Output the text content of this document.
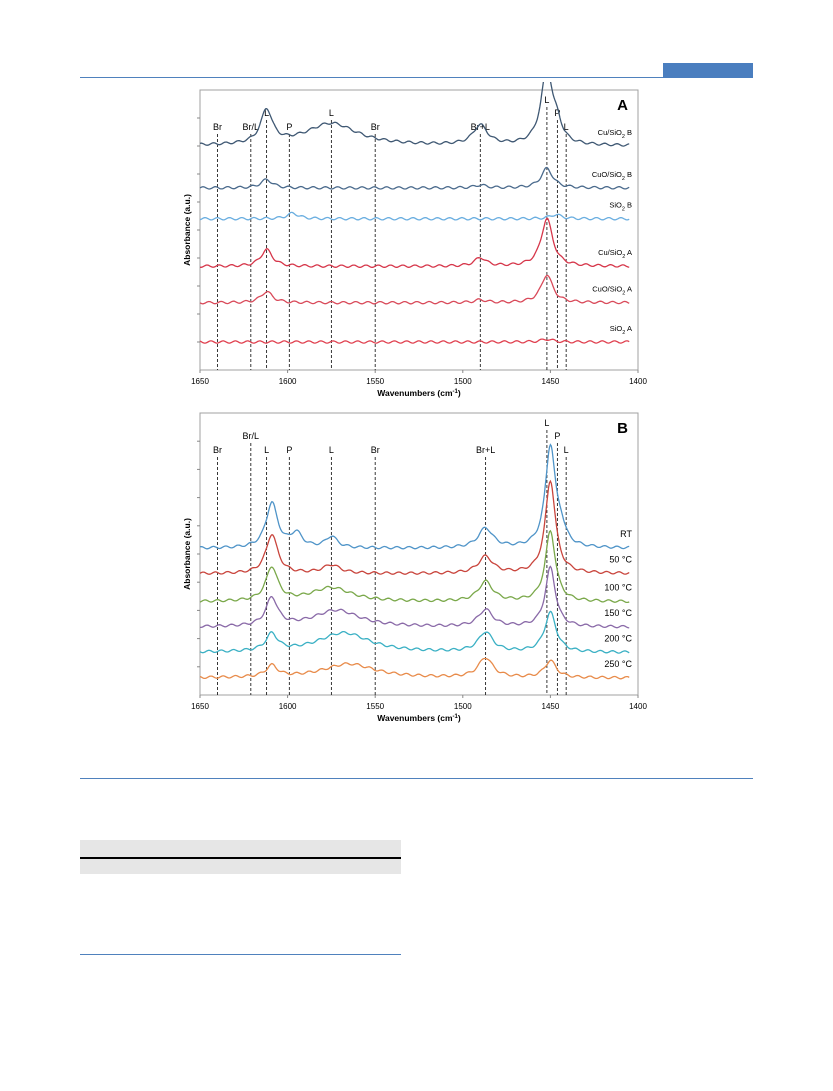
1650	1600	1550	1500	1450	1400
Wavenumbers $(cm^{-1})$
Absorbance (a.u.)
A
Br Br/L
L
P
L
Br	Br+L
L
P
L
Cu/SiO$_2$ B
CuO/SiO$_2$ B
SiO$_2$ B
Cu/SiO$_2$ A
CuO/SiO$_2$ A
SiO$_2$ A
1650	1600	1550	1500	1450	1400
Wavenumbers $(cm^{-1})$
Absorbance (a.u.)
B
Br
Br/L
L P	L	Br	Br+L
L
P
L
RT
50 °C
100 °C
150 °C
200 °C
250 °C
